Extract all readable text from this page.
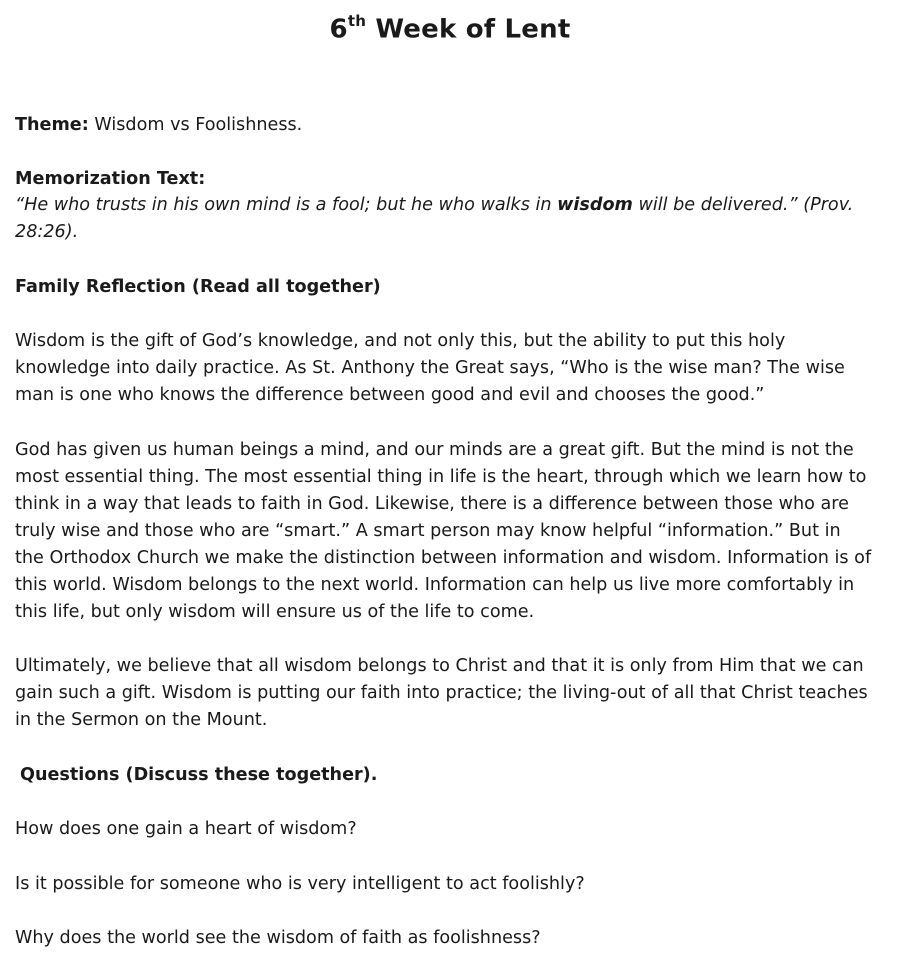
6th Week of Lent
Theme: Wisdom vs Foolishness.
Memorization Text:
“He who trusts in his own mind is a fool; but he who walks in wisdom will be delivered.” (Prov. 28:26).
Family Reflection (Read all together)
Wisdom is the gift of God’s knowledge, and not only this, but the ability to put this holy knowledge into daily practice. As St. Anthony the Great says, “Who is the wise man? The wise man is one who knows the difference between good and evil and chooses the good.”
God has given us human beings a mind, and our minds are a great gift. But the mind is not the most essential thing. The most essential thing in life is the heart, through which we learn how to think in a way that leads to faith in God. Likewise, there is a difference between those who are truly wise and those who are “smart.” A smart person may know helpful “information.” But in the Orthodox Church we make the distinction between information and wisdom. Information is of this world. Wisdom belongs to the next world. Information can help us live more comfortably in this life, but only wisdom will ensure us of the life to come.
Ultimately, we believe that all wisdom belongs to Christ and that it is only from Him that we can gain such a gift. Wisdom is putting our faith into practice; the living-out of all that Christ teaches in the Sermon on the Mount.
Questions (Discuss these together).
How does one gain a heart of wisdom?
Is it possible for someone who is very intelligent to act foolishly?
Why does the world see the wisdom of faith as foolishness?
